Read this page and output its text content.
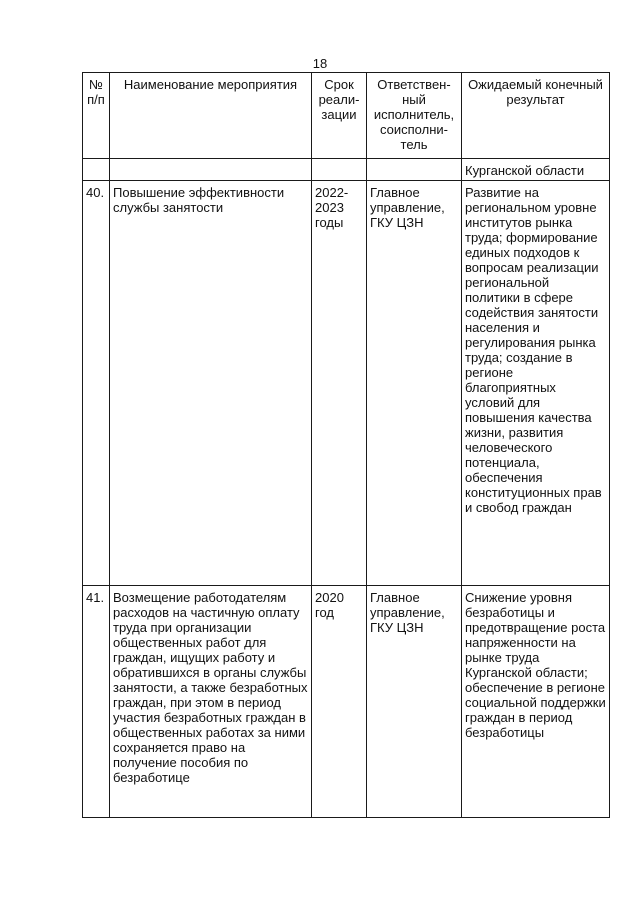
18
№ п/п	Наименование мероприятия	Срок реали-зации	Ответствен-ный исполнитель, соисполни-тель	Ожидаемый конечный результат
				Курганской области
40.	Повышение эффективности службы занятости	2022-2023 годы	Главное управление, ГКУ ЦЗН	Развитие на региональном уровне институтов рынка труда; формирование единых подходов к вопросам реализации региональной политики в сфере содействия занятости населения и регулирования рынка труда; создание в регионе благоприятных условий для повышения качества жизни, развития человеческого потенциала, обеспечения конституционных прав и свобод граждан
41.	Возмещение работодателям расходов на частичную оплату труда при организации общественных работ для граждан, ищущих работу и обратившихся в органы службы занятости, а также безработных граждан, при этом в период участия безработных граждан в общественных работах за ними сохраняется право на получение пособия по безработице	2020 год	Главное управление, ГКУ ЦЗН	Снижение уровня безработицы и предотвращение роста напряженности на рынке труда Курганской области; обеспечение в регионе социальной поддержки граждан в период безработицы
